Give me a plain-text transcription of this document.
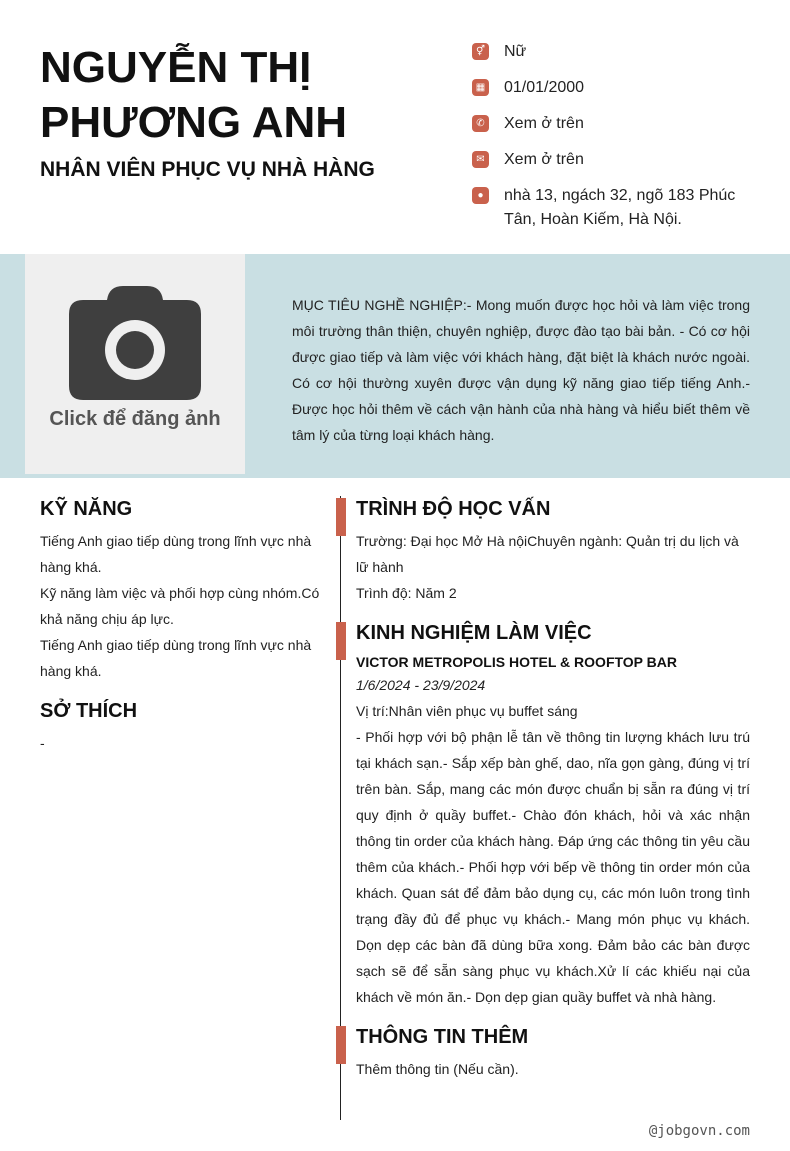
NGUYỄN THỊ PHƯƠNG ANH
NHÂN VIÊN PHỤC VỤ NHÀ HÀNG
⚥ Nữ
▦ 01/01/2000
✆ Xem ở trên
✉ Xem ở trên
●	nhà 13, ngách 32, ngõ 183 Phúc Tân, Hoàn Kiếm, Hà Nội.
Click để đăng ảnh
MỤC TIÊU NGHỀ NGHIỆP:- Mong muốn được học hỏi và làm việc trong môi trường thân thiện, chuyên nghiệp, được đào tạo bài bản. - Có cơ hội được giao tiếp và làm việc với khách hàng, đặt biệt là khách nước ngoài. Có cơ hội thường xuyên được vận dụng kỹ năng giao tiếp tiếng Anh.- Được học hỏi thêm về cách vận hành của nhà hàng và hiểu biết thêm về tâm lý của từng loại khách hàng.
KỸ NĂNG
Tiếng Anh giao tiếp dùng trong lĩnh vực nhà hàng khá.
Kỹ năng làm việc và phối hợp cùng nhóm.Có khả năng chịu áp lực.
Tiếng Anh giao tiếp dùng trong lĩnh vực nhà hàng khá.
SỞ THÍCH
-
TRÌNH ĐỘ HỌC VẤN
Trường: Đại học Mở Hà nộiChuyên ngành: Quản trị du lịch và lữ hành
Trình độ: Năm 2
KINH NGHIỆM LÀM VIỆC
VICTOR METROPOLIS HOTEL & ROOFTOP BAR
1/6/2024 - 23/9/2024
Vị trí:Nhân viên phục vụ buffet sáng
- Phối hợp với bộ phận lễ tân về thông tin lượng khách lưu trú tại khách sạn.- Sắp xếp bàn ghế, dao, nĩa gọn gàng, đúng vị trí trên bàn. Sắp, mang các món được chuẩn bị sẵn ra đúng vị trí quy định ở quầy buffet.- Chào đón khách, hỏi và xác nhận thông tin order của khách hàng. Đáp ứng các thông tin yêu cầu thêm của khách.- Phối hợp với bếp về thông tin order món của khách. Quan sát để đảm bảo dụng cụ, các món luôn trong tình trạng đầy đủ để phục vụ khách.- Mang món phục vụ khách. Dọn dẹp các bàn đã dùng bữa xong. Đảm bảo các bàn được sạch sẽ để sẵn sàng phục vụ khách.Xử lí các khiếu nại của khách về món ăn.- Dọn dẹp gian quầy buffet và nhà hàng.
THÔNG TIN THÊM
Thêm thông tin (Nếu cần).
@jobgovn.com
